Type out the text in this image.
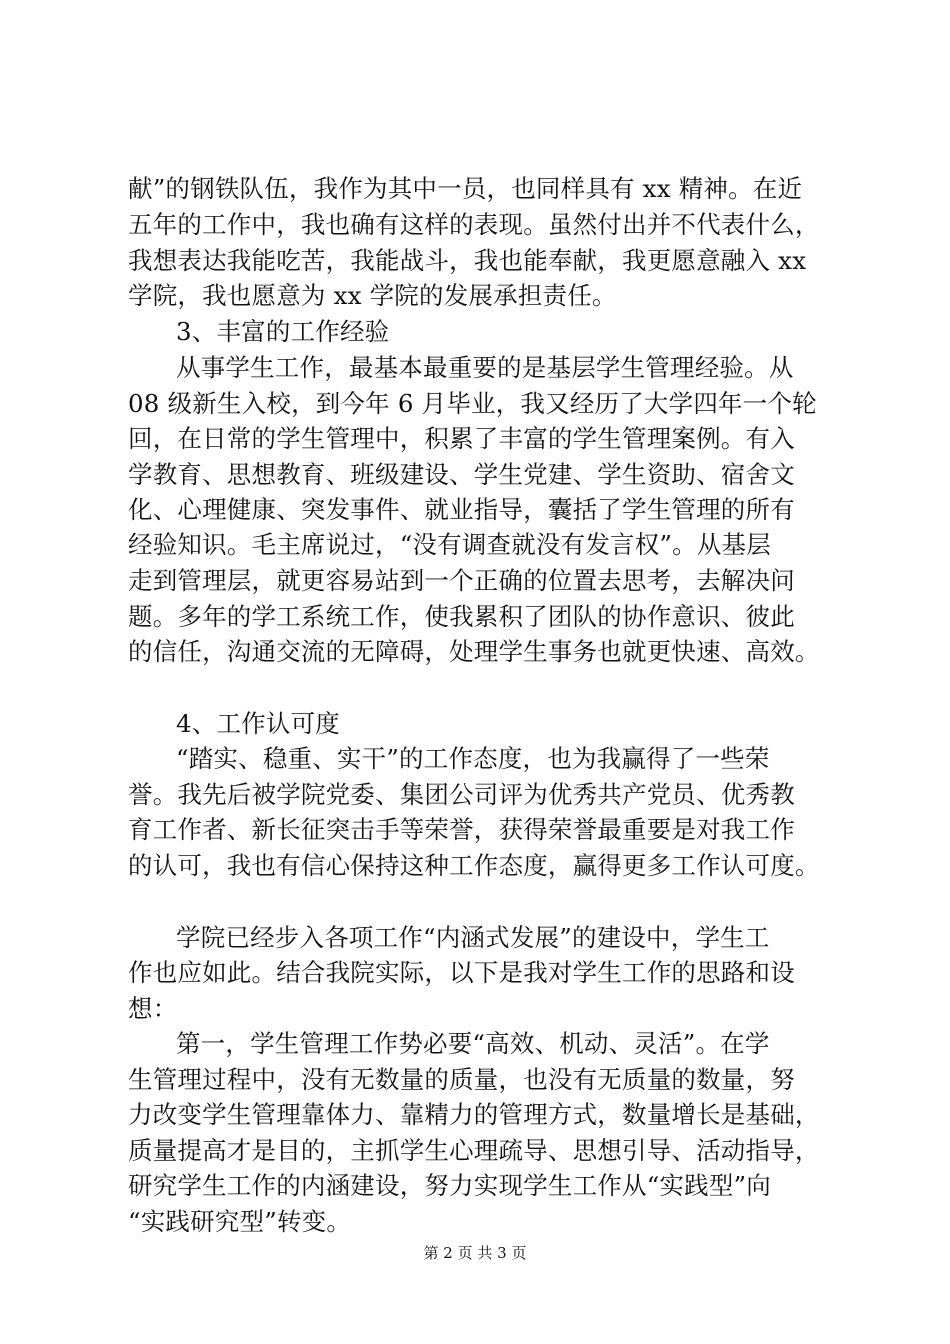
献”的钢铁队伍，我作为其中一员，也同样具有 xx 精神。在近
五年的工作中，我也确有这样的表现。虽然付出并不代表什么，
我想表达我能吃苦，我能战斗，我也能奉献，我更愿意融入 xx
学院，我也愿意为 xx 学院的发展承担责任。
3、丰富的工作经验
从事学生工作，最基本最重要的是基层学生管理经验。从
08 级新生入校，到今年 6 月毕业，我又经历了大学四年一个轮
回，在日常的学生管理中，积累了丰富的学生管理案例。有入
学教育、思想教育、班级建设、学生党建、学生资助、宿舍文
化、心理健康、突发事件、就业指导，囊括了学生管理的所有
经验知识。毛主席说过，“没有调查就没有发言权”。从基层
走到管理层，就更容易站到一个正确的位置去思考，去解决问
题。多年的学工系统工作，使我累积了团队的协作意识、彼此
的信任，沟通交流的无障碍，处理学生事务也就更快速、高效。
4、工作认可度
“踏实、稳重、实干”的工作态度，也为我赢得了一些荣
誉。我先后被学院党委、集团公司评为优秀共产党员、优秀教
育工作者、新长征突击手等荣誉，获得荣誉最重要是对我工作
的认可，我也有信心保持这种工作态度，赢得更多工作认可度。
学院已经步入各项工作“内涵式发展”的建设中，学生工
作也应如此。结合我院实际，以下是我对学生工作的思路和设
想：
第一，学生管理工作势必要“高效、机动、灵活”。在学
生管理过程中，没有无数量的质量，也没有无质量的数量，努
力改变学生管理靠体力、靠精力的管理方式，数量增长是基础，
质量提高才是目的，主抓学生心理疏导、思想引导、活动指导，
研究学生工作的内涵建设，努力实现学生工作从“实践型”向
“实践研究型”转变。
第 2 页 共 3 页
